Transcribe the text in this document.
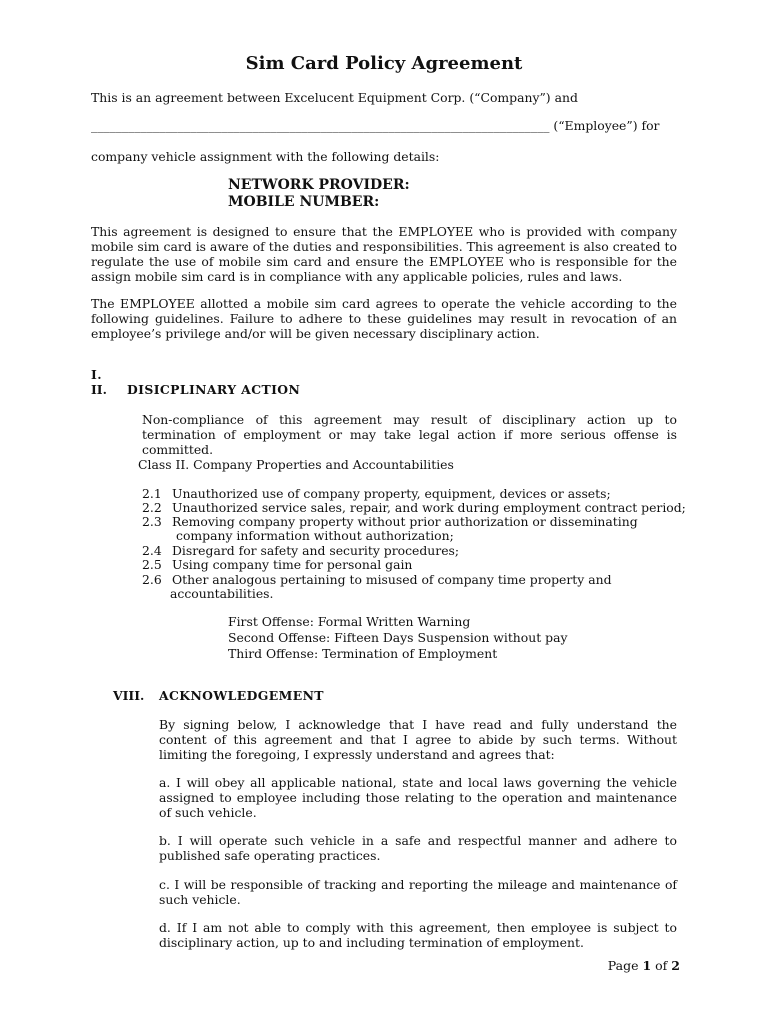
Sim Card Policy Agreement
This is an agreement between Excelucent Equipment Corp. (“Company”) and
__________________________________________________________________________ (“Employee”) for
company vehicle assignment with the following details:
NETWORK PROVIDER:
MOBILE NUMBER:
This agreement is designed to ensure that the EMPLOYEE who is provided with company mobile sim card is aware of the duties and responsibilities. This agreement is also created to regulate the use of mobile sim card and ensure the EMPLOYEE who is responsible for the assign mobile sim card is in compliance with any applicable policies, rules and laws.
The EMPLOYEE allotted a mobile sim card agrees to operate the vehicle according to the following guidelines. Failure to adhere to these guidelines may result in revocation of an employee’s privilege and/or will be given necessary disciplinary action.
I.
II. DISICPLINARY ACTION
Non-compliance of this agreement may result of disciplinary action up to termination of employment or may take legal action if more serious offense is committed.
Class II. Company Properties and Accountabilities
2.1 Unauthorized use of company property, equipment, devices or assets;
2.2 Unauthorized service sales, repair, and work during employment contract period;
2.3 Removing company property without prior authorization or disseminating
company information without authorization;
2.4 Disregard for safety and security procedures;
2.5 Using company time for personal gain
2.6 Other analogous pertaining to misused of company time property and
accountabilities.
First Offense: Formal Written Warning
Second Offense: Fifteen Days Suspension without pay
Third Offense: Termination of Employment
VIII. ACKNOWLEDGEMENT
By signing below, I acknowledge that I have read and fully understand the content of this agreement and that I agree to abide by such terms. Without limiting the foregoing, I expressly understand and agrees that:
a. I will obey all applicable national, state and local laws governing the vehicle assigned to employee including those relating to the operation and maintenance of such vehicle.
b. I will operate such vehicle in a safe and respectful manner and adhere to published safe operating practices.
c. I will be responsible of tracking and reporting the mileage and maintenance of such vehicle.
d. If I am not able to comply with this agreement, then employee is subject to disciplinary action, up to and including termination of employment.
Page 1 of 2
